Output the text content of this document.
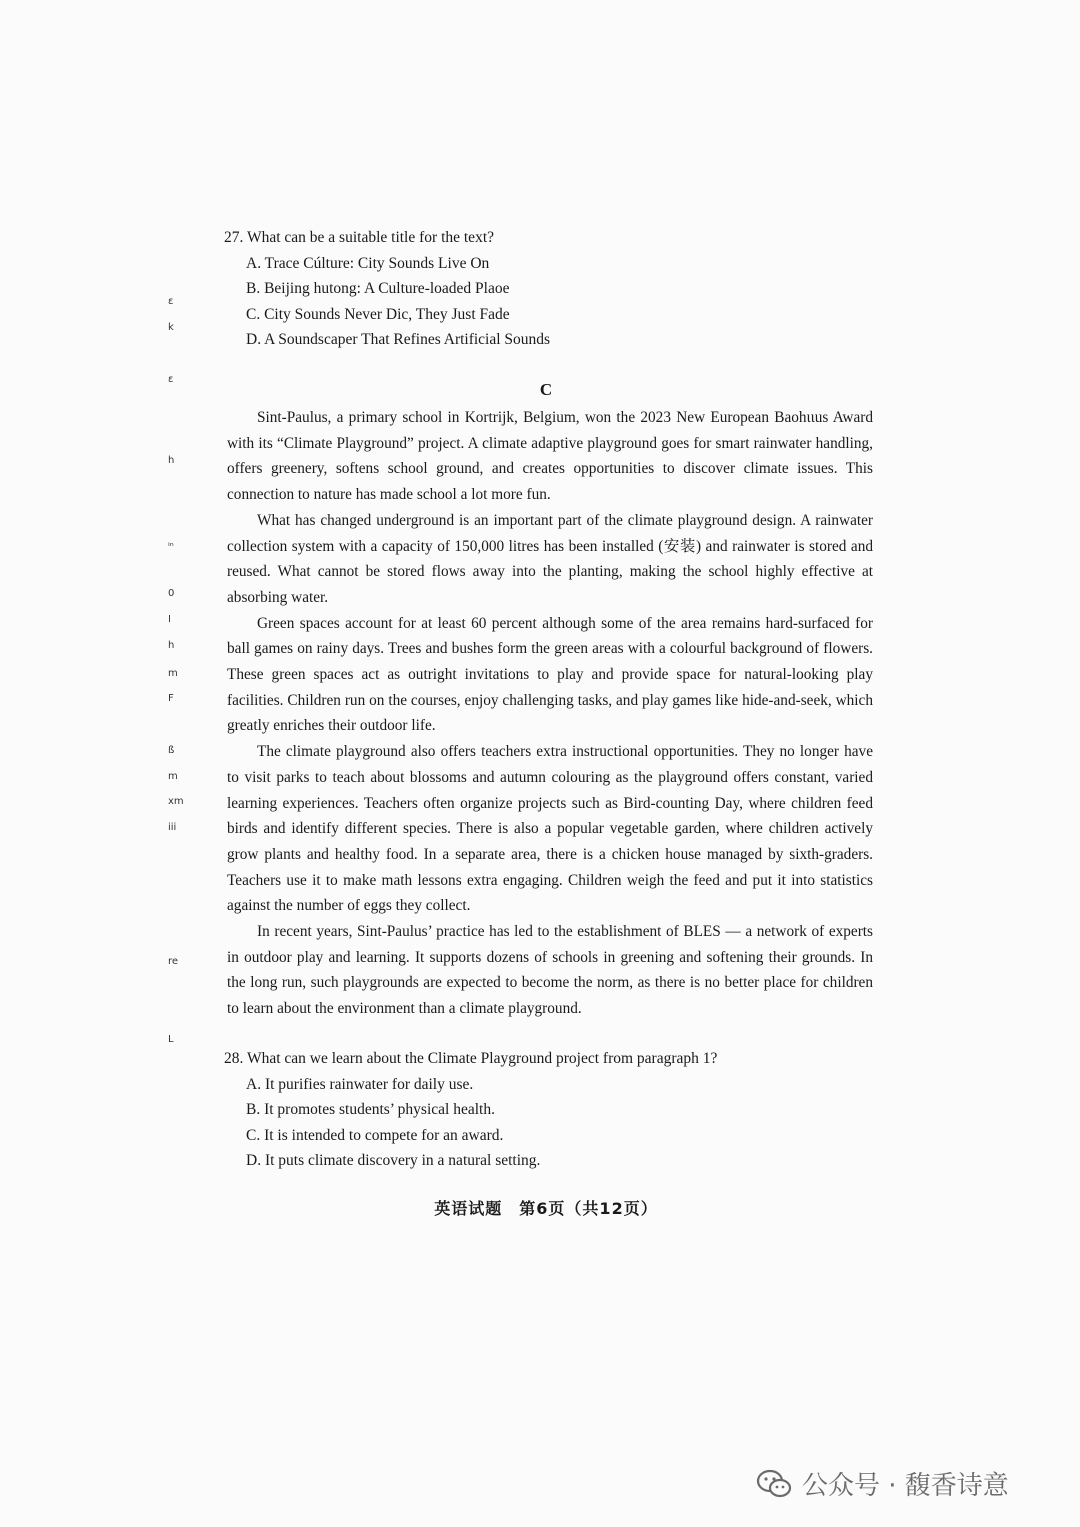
ε
k
ε
h
ᵢₙ
0
I
h
m
F
ß
m
xm
iii
re
L

27. What can be a suitable title for the text?

A. Trace Cúlture: City Sounds Live On

B. Beijing hutong: A Culture-loaded Plaoe

C. City Sounds Never Dic, They Just Fade

D. A Soundscaper That Refines Artificial Sounds

C

Sint-Paulus, a primary school in Kortrijk, Belgium, won the 2023 New European Baohιιus Award with its “Climate Playground” project. A climate adaptive playground goes for smart rainwater handling, offers greenery, softens school ground, and creates opportunities to discover climate issues. This connection to nature has made school a lot more fun.

What has changed underground is an important part of the climate playground design. A rainwater collection system with a capacity of 150,000 litres has been installed (安装) and rainwater is stored and reused. What cannot be stored flows away into the planting, making the school highly effective at absorbing water.

Green spaces account for at least 60 percent although some of the area remains hard-surfaced for ball games on rainy days. Trees and bushes form the green areas with a colourful background of flowers. These green spaces act as outright invitations to play and provide space for natural-looking play facilities. Children run on the courses, enjoy challenging tasks, and play games like hide-and-seek, which greatly enriches their outdoor life.

The climate playground also offers teachers extra instructional opportunities. They no longer have to visit parks to teach about blossoms and autumn colouring as the playground offers constant, varied learning experiences. Teachers often organize projects such as Bird-counting Day, where children feed birds and identify different species. There is also a popular vegetable garden, where children actively grow plants and healthy food. In a separate area, there is a chicken house managed by sixth-graders. Teachers use it to make math lessons extra engaging. Children weigh the feed and put it into statistics against the number of eggs they collect.

In recent years, Sint-Paulus’ practice has led to the establishment of BLES — a network of experts in outdoor play and learning. It supports dozens of schools in greening and softening their grounds. In the long run, such playgrounds are expected to become the norm, as there is no better place for children to learn about the environment than a climate playground.

28. What can we learn about the Climate Playground project from paragraph 1?

A. It purifies rainwater for daily use.

B. It promotes students’ physical health.

C. It is intended to compete for an award.

D. It puts climate discovery in a natural setting.

英语试题　第6页（共12页）
公众号 · 馥香诗意
